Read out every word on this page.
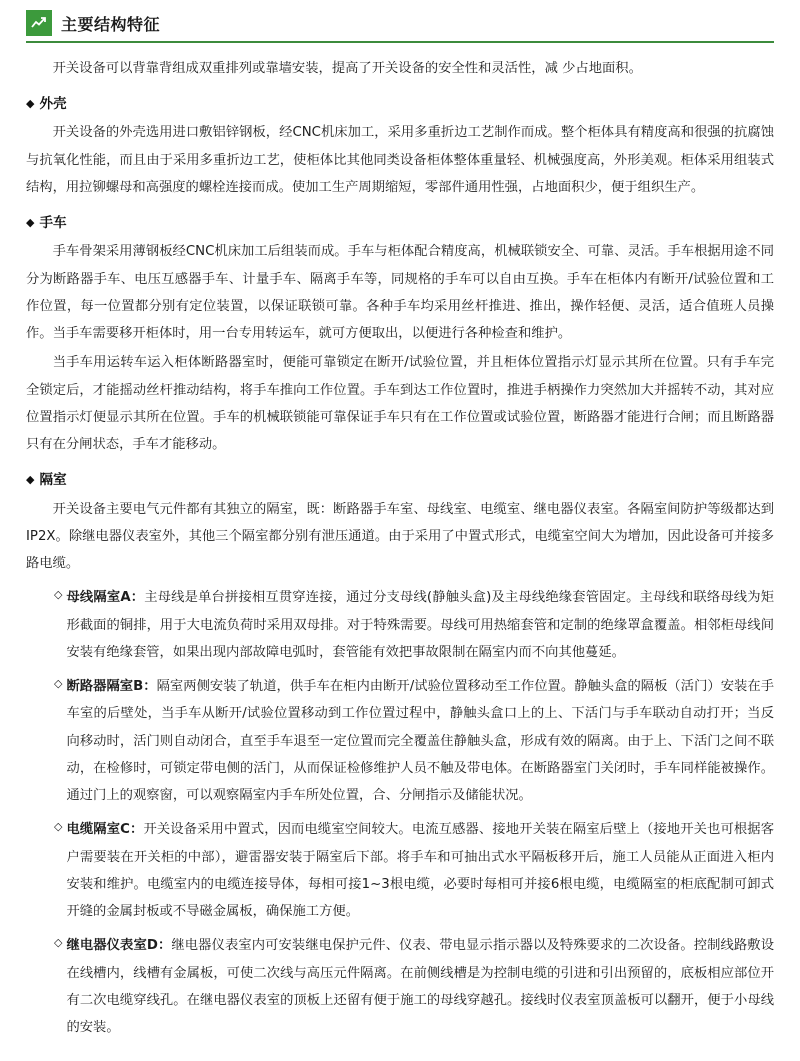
主要结构特征

开关设备可以背靠背组成双重排列或靠墙安装，提高了开关设备的安全性和灵活性，减 少占地面积。

◆ 外壳

开关设备的外壳选用进口敷铝锌钢板，经CNC机床加工，采用多重折边工艺制作而成。整个柜体具有精度高和很强的抗腐蚀与抗氧化性能，而且由于采用多重折边工艺，使柜体比其他同类设备柜体整体重量轻、机械强度高，外形美观。柜体采用组装式结构，用拉铆螺母和高强度的螺栓连接而成。使加工生产周期缩短，零部件通用性强，占地面积少，便于组织生产。

◆ 手车

手车骨架采用薄钢板经CNC机床加工后组装而成。手车与柜体配合精度高，机械联锁安全、可靠、灵活。手车根据用途不同分为断路器手车、电压互感器手车、计量手车、隔离手车等，同规格的手车可以自由互换。手车在柜体内有断开/试验位置和工作位置，每一位置都分别有定位装置，以保证联锁可靠。各种手车均采用丝杆推进、推出，操作轻便、灵活，适合值班人员操作。当手车需要移开柜体时，用一台专用转运车，就可方便取出，以便进行各种检查和维护。

当手车用运转车运入柜体断路器室时，便能可靠锁定在断开/试验位置，并且柜体位置指示灯显示其所在位置。只有手车完全锁定后，才能摇动丝杆推动结构，将手车推向工作位置。手车到达工作位置时，推进手柄操作力突然加大并摇转不动，其对应位置指示灯便显示其所在位置。手车的机械联锁能可靠保证手车只有在工作位置或试验位置，断路器才能进行合闸；而且断路器只有在分闸状态，手车才能移动。

◆ 隔室

开关设备主要电气元件都有其独立的隔室，既：断路器手车室、母线室、电缆室、继电器仪表室。各隔室间防护等级都达到IP2X。除继电器仪表室外，其他三个隔室都分别有泄压通道。由于采用了中置式形式，电缆室空间大为增加，因此设备可并接多路电缆。

◇ 母线隔室A：主母线是单台拼接相互贯穿连接，通过分支母线(静触头盒)及主母线绝缘套管固定。主母线和联络母线为矩形截面的铜排，用于大电流负荷时采用双母排。对于特殊需要。母线可用热缩套管和定制的绝缘罩盒覆盖。相邻柜母线间安装有绝缘套管，如果出现内部故障电弧时，套管能有效把事故限制在隔室内而不向其他蔓延。
◇ 断路器隔室B：隔室两侧安装了轨道，供手车在柜内由断开/试验位置移动至工作位置。静触头盒的隔板（活门）安装在手车室的后壁处，当手车从断开/试验位置移动到工作位置过程中，静触头盒口上的上、下活门与手车联动自动打开；当反向移动时，活门则自动闭合，直至手车退至一定位置而完全覆盖住静触头盒，形成有效的隔离。由于上、下活门之间不联动，在检修时，可锁定带电侧的活门，从而保证检修维护人员不触及带电体。在断路器室门关闭时，手车同样能被操作。通过门上的观察窗，可以观察隔室内手车所处位置，合、分闸指示及储能状况。
◇ 电缆隔室C：开关设备采用中置式，因而电缆室空间较大。电流互感器、接地开关装在隔室后壁上（接地开关也可根据客户需要装在开关柜的中部），避雷器安装于隔室后下部。将手车和可抽出式水平隔板移开后，施工人员能从正面进入柜内安装和维护。电缆室内的电缆连接导体，每相可接1~3根电缆，必要时每相可并接6根电缆，电缆隔室的柜底配制可卸式开缝的金属封板或不导磁金属板，确保施工方便。
◇ 继电器仪表室D：继电器仪表室内可安装继电保护元件、仪表、带电显示指示器以及特殊要求的二次设备。控制线路敷设在线槽内，线槽有金属板，可使二次线与高压元件隔离。在前侧线槽是为控制电缆的引进和引出预留的，底板相应部位开有二次电缆穿线孔。在继电器仪表室的顶板上还留有便于施工的母线穿越孔。接线时仪表室顶盖板可以翻开，便于小母线的安装。
